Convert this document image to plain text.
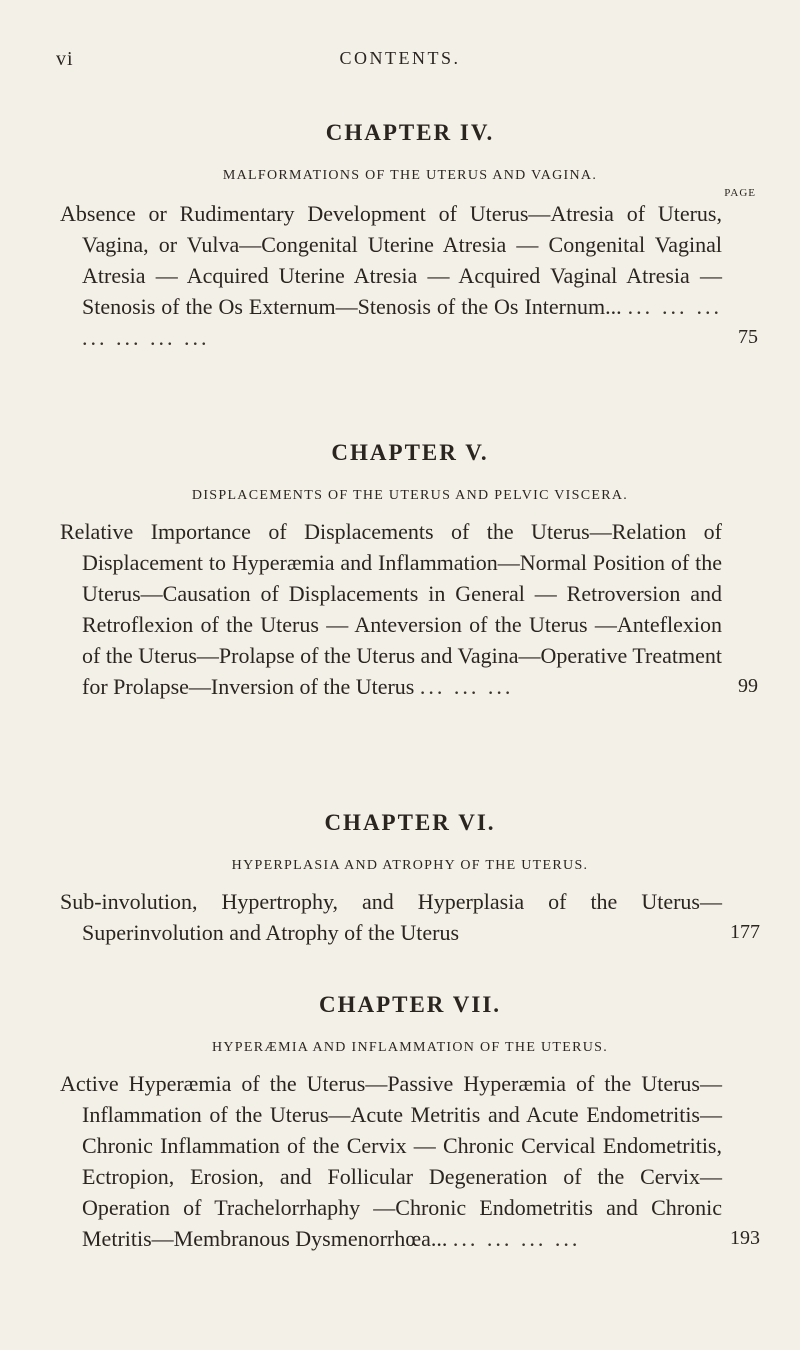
vi	CONTENTS.
CHAPTER IV.
MALFORMATIONS OF THE UTERUS AND VAGINA.
PAGE

Absence or Rudimentary Development of Uterus—Atresia of Uterus, Vagina, or Vulva—Congenital Uterine Atresia — Congenital Vaginal Atresia — Acquired Uterine Atresia — Acquired Vaginal Atresia — Stenosis of the Os Externum—Stenosis of the Os Internum... ... ... ... ... ... ... ...	75

CHAPTER V.
DISPLACEMENTS OF THE UTERUS AND PELVIC VISCERA.

Relative Importance of Displacements of the Uterus—Relation of Displacement to Hyperæmia and Inflammation—Normal Position of the Uterus—Causation of Displacements in General — Retroversion and Retroflexion of the Uterus — Anteversion of the Uterus —Anteflexion of the Uterus—Prolapse of the Uterus and Vagina—Operative Treatment for Prolapse—Inversion of the Uterus ... ... ...	99

CHAPTER VI.
HYPERPLASIA AND ATROPHY OF THE UTERUS.

Sub-involution, Hypertrophy, and Hyperplasia of the Uterus—Superinvolution and Atrophy of the Uterus	177

CHAPTER VII.
HYPERÆMIA AND INFLAMMATION OF THE UTERUS.

Active Hyperæmia of the Uterus—Passive Hyperæmia of the Uterus—Inflammation of the Uterus—Acute Metritis and Acute Endometritis—Chronic Inflammation of the Cervix — Chronic Cervical Endometritis, Ectropion, Erosion, and Follicular Degeneration of the Cervix—Operation of Trachelorrhaphy —Chronic Endometritis and Chronic Metritis—Membranous Dysmenorrhœa... ... ... ... ...	193
